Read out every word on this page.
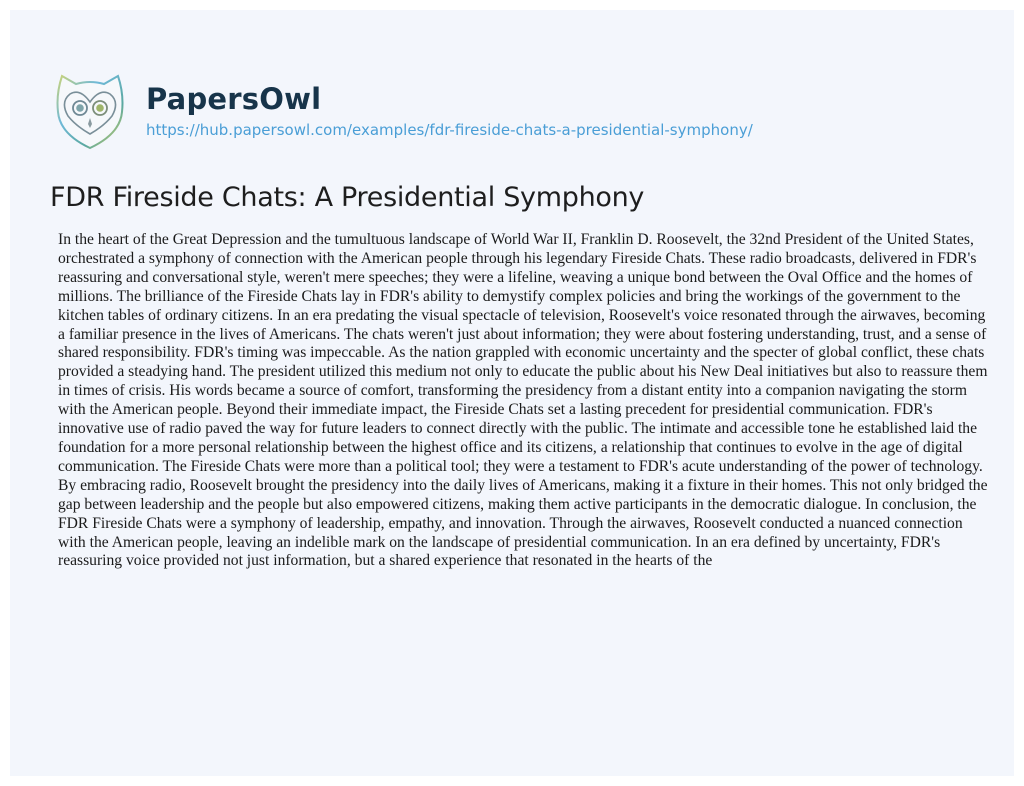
PapersOwl
https://hub.papersowl.com/examples/fdr-fireside-chats-a-presidential-symphony/
FDR Fireside Chats: A Presidential Symphony

In the heart of the Great Depression and the tumultuous landscape of World War II, Franklin D. Roosevelt, the 32nd President of the United States, orchestrated a symphony of connection with the American people through his legendary Fireside Chats. These radio broadcasts, delivered in FDR's reassuring and conversational style, weren't mere speeches; they were a lifeline, weaving a unique bond between the Oval Office and the homes of millions. The brilliance of the Fireside Chats lay in FDR's ability to demystify complex policies and bring the workings of the government to the kitchen tables of ordinary citizens. In an era predating the visual spectacle of television, Roosevelt's voice resonated through the airwaves, becoming a familiar presence in the lives of Americans. The chats weren't just about information; they were about fostering understanding, trust, and a sense of shared responsibility. FDR's timing was impeccable. As the nation grappled with economic uncertainty and the specter of global conflict, these chats provided a steadying hand. The president utilized this medium not only to educate the public about his New Deal initiatives but also to reassure them in times of crisis. His words became a source of comfort, transforming the presidency from a distant entity into a companion navigating the storm with the American people. Beyond their immediate impact, the Fireside Chats set a lasting precedent for presidential communication. FDR's innovative use of radio paved the way for future leaders to connect directly with the public. The intimate and accessible tone he established laid the foundation for a more personal relationship between the highest office and its citizens, a relationship that continues to evolve in the age of digital communication. The Fireside Chats were more than a political tool; they were a testament to FDR's acute understanding of the power of technology. By embracing radio, Roosevelt brought the presidency into the daily lives of Americans, making it a fixture in their homes. This not only bridged the gap between leadership and the people but also empowered citizens, making them active participants in the democratic dialogue. In conclusion, the FDR Fireside Chats were a symphony of leadership, empathy, and innovation. Through the airwaves, Roosevelt conducted a nuanced connection with the American people, leaving an indelible mark on the landscape of presidential communication. In an era defined by uncertainty, FDR's reassuring voice provided not just information, but a shared experience that resonated in the hearts of the
